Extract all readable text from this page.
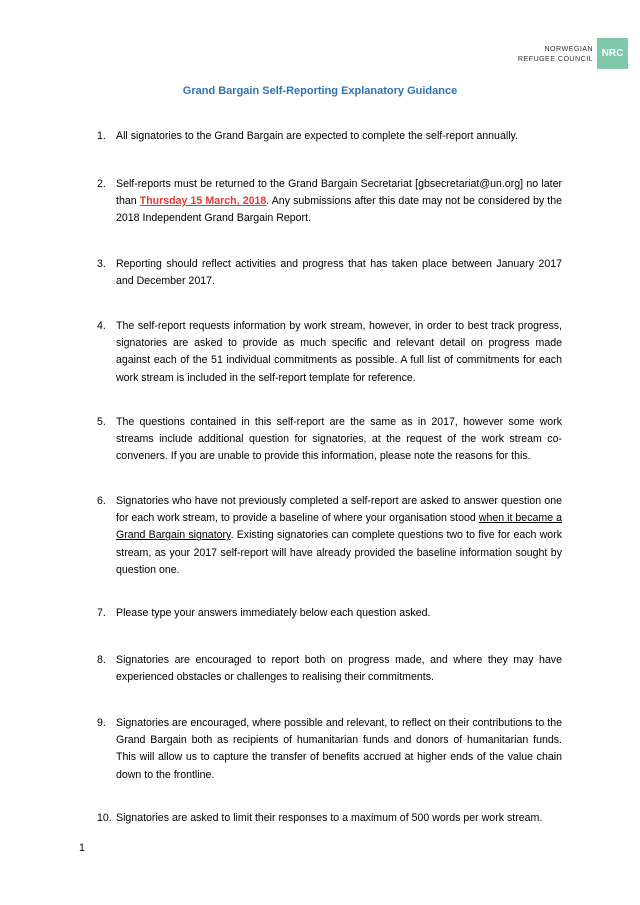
NORWEGIAN
REFUGEE COUNCIL NRC
Grand Bargain Self-Reporting Explanatory Guidance
1. All signatories to the Grand Bargain are expected to complete the self-report annually.
2. Self-reports must be returned to the Grand Bargain Secretariat [gbsecretariat@un.org] no later than Thursday 15 March, 2018. Any submissions after this date may not be considered by the 2018 Independent Grand Bargain Report.
3. Reporting should reflect activities and progress that has taken place between January 2017 and December 2017.
4. The self-report requests information by work stream, however, in order to best track progress, signatories are asked to provide as much specific and relevant detail on progress made against each of the 51 individual commitments as possible. A full list of commitments for each work stream is included in the self-report template for reference.
5. The questions contained in this self-report are the same as in 2017, however some work streams include additional question for signatories, at the request of the work stream co-conveners. If you are unable to provide this information, please note the reasons for this.
6. Signatories who have not previously completed a self-report are asked to answer question one for each work stream, to provide a baseline of where your organisation stood when it became a Grand Bargain signatory. Existing signatories can complete questions two to five for each work stream, as your 2017 self-report will have already provided the baseline information sought by question one.
7. Please type your answers immediately below each question asked.
8. Signatories are encouraged to report both on progress made, and where they may have experienced obstacles or challenges to realising their commitments.
9. Signatories are encouraged, where possible and relevant, to reflect on their contributions to the Grand Bargain both as recipients of humanitarian funds and donors of humanitarian funds. This will allow us to capture the transfer of benefits accrued at higher ends of the value chain down to the frontline.
10. Signatories are asked to limit their responses to a maximum of 500 words per work stream.
1
